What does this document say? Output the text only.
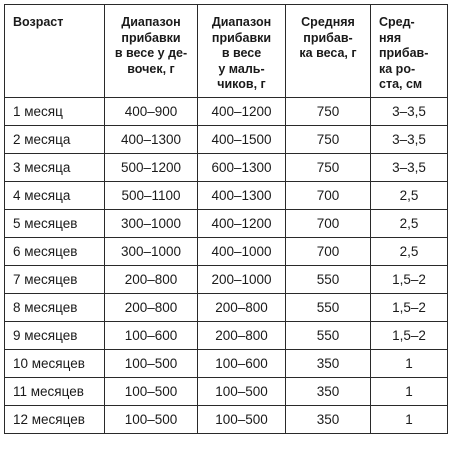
Возраст	Диапазон
прибавки
в весе у де-
вочек, г	Диапазон
прибавки
в весе
у маль-
чиков, г	Средняя
прибав-
ка веса, г	Сред-
няя
прибав-
ка ро-
ста, см

1 месяц	400–900	400–1200	750	3–3,5
2 месяца	400–1300	400–1500	750	3–3,5
3 месяца	500–1200	600–1300	750	3–3,5
4 месяца	500–1100	400–1300	700	2,5
5 месяцев	300–1000	400–1200	700	2,5
6 месяцев	300–1000	400–1000	700	2,5
7 месяцев	200–800	200–1000	550	1,5–2
8 месяцев	200–800	200–800	550	1,5–2
9 месяцев	100–600	200–800	550	1,5–2
10 месяцев	100–500	100–600	350	1
11 месяцев	100–500	100–500	350	1
12 месяцев	100–500	100–500	350	1
